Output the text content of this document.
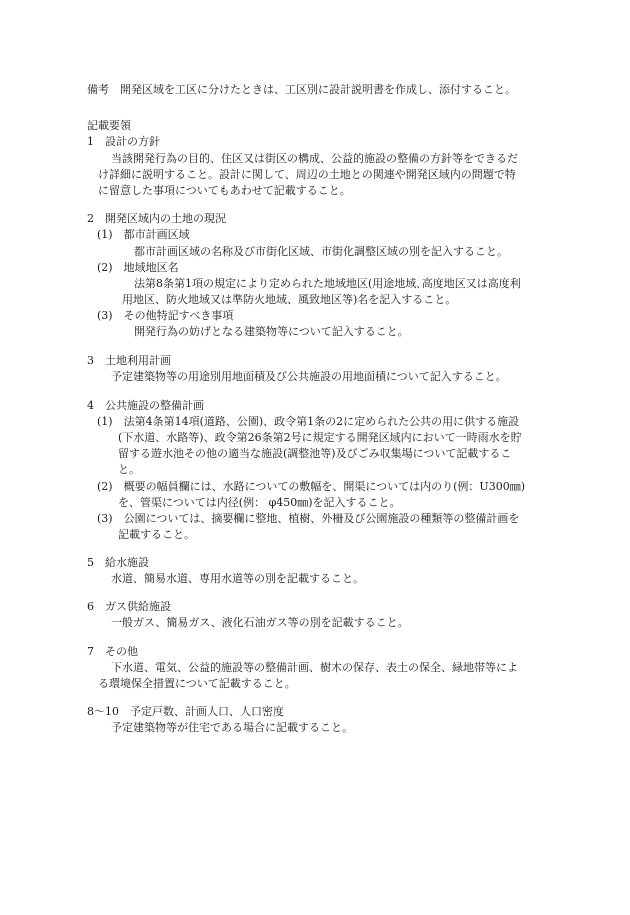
備考　開発区域を工区に分けたときは、工区別に設計説明書を作成し、添付すること。
記載要領
1　設計の方針
当該開発行為の目的、住区又は街区の構成、公益的施設の整備の方針等をできるだ
け詳細に説明すること。設計に関して、周辺の土地との関連や開発区域内の問題で特
に留意した事項についてもあわせて記載すること。
2　開発区域内の土地の現況
(1)　都市計画区域
都市計画区域の名称及び市街化区域、市街化調整区域の別を記入すること。
(2)　地域地区名
法第8条第1項の規定により定められた地域地区(用途地域､高度地区又は高度利
用地区、防火地域又は準防火地域、風致地区等)名を記入すること。
(3)　その他特記すべき事項
開発行為の妨げとなる建築物等について記入すること。
3　土地利用計画
予定建築物等の用途別用地面積及び公共施設の用地面積について記入すること。
4　公共施設の整備計画
(1)　法第4条第14項(道路、公園)、政令第1条の2に定められた公共の用に供する施設
(下水道、水路等)、政令第26条第2号に規定する開発区域内において一時雨水を貯
留する遊水池その他の適当な施設(調整池等)及びごみ収集場について記載するこ
と。
(2)　概要の幅員欄には、水路についての敷幅を、開渠については内のり(例：U300㎜)
を、管渠については内径(例： φ450㎜)を記入すること。
(3)　公園については、摘要欄に整地、植樹、外柵及び公園施設の種類等の整備計画を
記載すること。
5　給水施設
水道、簡易水道、専用水道等の別を記載すること。
6　ガス供給施設
一般ガス、簡易ガス、液化石油ガス等の別を記載すること。
7　その他
下水道、電気、公益的施設等の整備計画、樹木の保存、表土の保全、緑地帯等によ
る環境保全措置について記載すること。
8～10　予定戸数、計画人口、人口密度
予定建築物等が住宅である場合に記載すること。
